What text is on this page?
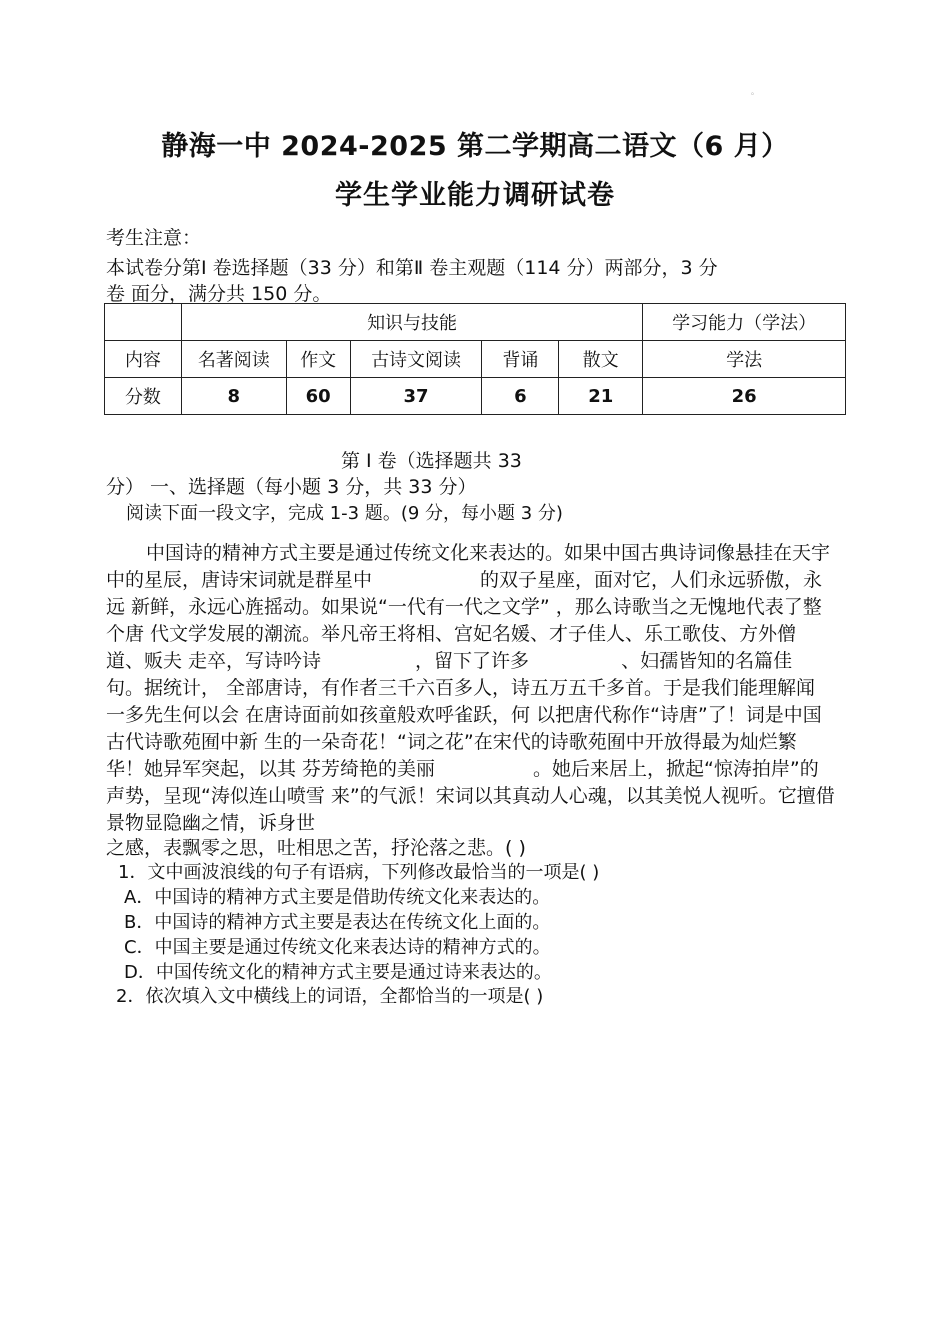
。
静海一中 2024-2025 第二学期高二语文（6 月）
学生学业能力调研试卷
考生注意：
本试卷分第Ⅰ 卷选择题（33 分）和第Ⅱ 卷主观题（114 分）两部分，3 分
卷 面分，满分共 150 分。
	知识与技能					学习能力（学法）
内容	名著阅读	作文	古诗文阅读	背诵	散文	学法
分数	8	60	37	6	21	26
第 Ⅰ 卷（选择题共 33
分） 一、选择题（每小题 3 分，共 33 分）
阅读下面一段文字，完成 1-3 题。(9 分，每小题 3 分)
中国诗的精神方式主要是通过传统文化来表达的。如果中国古典诗词像悬挂在天宇
中的星辰，唐诗宋词就是群星中	的双子星座，面对它，人们永远骄傲，永
远 新鲜，永远心旌摇动。如果说“一代有一代之文学” ，那么诗歌当之无愧地代表了整
个唐 代文学发展的潮流。举凡帝王将相、宫妃名媛、才子佳人、乐工歌伎、方外僧
道、贩夫 走卒，写诗吟诗	，留下了许多	、妇孺皆知的名篇佳
句。据统计， 全部唐诗，有作者三千六百多人，诗五万五千多首。于是我们能理解闻
一多先生何以会 在唐诗面前如孩童般欢呼雀跃，何 以把唐代称作“诗唐”了！词是中国
古代诗歌苑囿中新 生的一朵奇花！“词之花”在宋代的诗歌苑囿中开放得最为灿烂繁
华！她异军突起，以其 芬芳绮艳的美丽	。她后来居上，掀起“惊涛拍岸”的
声势，呈现“涛似连山喷雪 来”的气派！宋词以其真动人心魂，以其美悦人视听。它擅借
景物显隐幽之情，诉身世
之感，表飘零之思，吐相思之苦，抒沦落之悲。( )
1．文中画波浪线的句子有语病，下列修改最恰当的一项是( )
A．中国诗的精神方式主要是借助传统文化来表达的。
B．中国诗的精神方式主要是表达在传统文化上面的。
C．中国主要是通过传统文化来表达诗的精神方式的。
D．中国传统文化的精神方式主要是通过诗来表达的。
2．依次填入文中横线上的词语，全都恰当的一项是( )
